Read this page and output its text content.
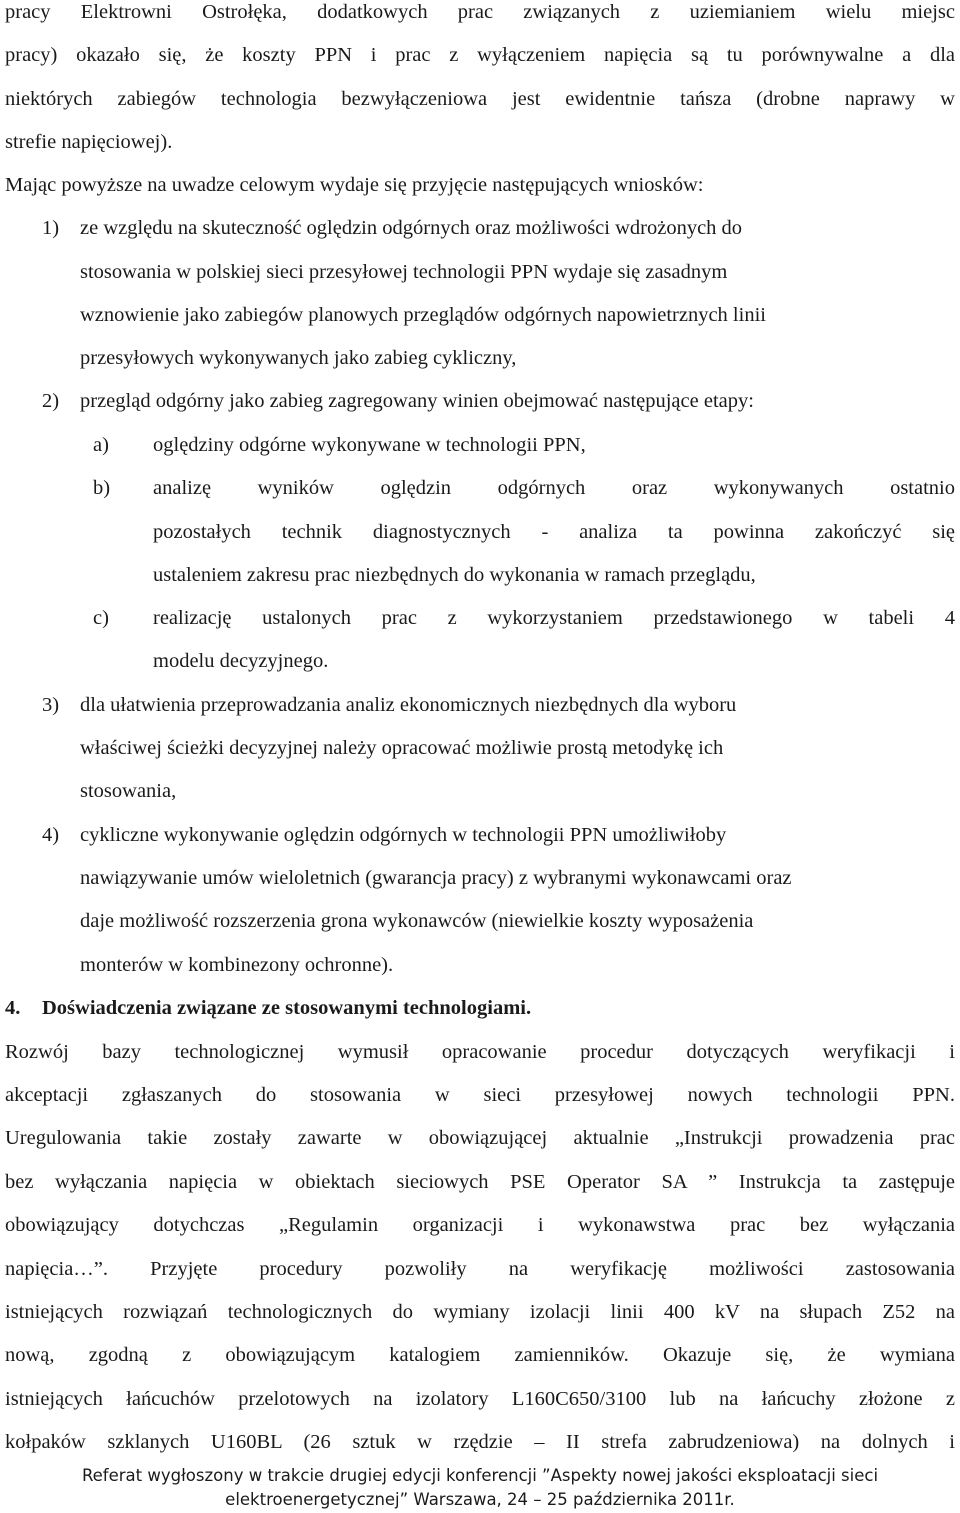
pracy Elektrowni Ostrołęka, dodatkowych prac związanych z uziemianiem wielu miejsc
pracy) okazało się, że koszty PPN i prac z wyłączeniem napięcia są tu porównywalne a dla
niektórych zabiegów technologia bezwyłączeniowa jest ewidentnie tańsza (drobne naprawy w
strefie napięciowej).
Mając powyższe na uwadze celowym wydaje się przyjęcie następujących wniosków:
1) ze względu na skuteczność oględzin odgórnych oraz możliwości wdrożonych do
stosowania w polskiej sieci przesyłowej technologii PPN wydaje się zasadnym
wznowienie jako zabiegów planowych przeglądów odgórnych napowietrznych linii
przesyłowych wykonywanych jako zabieg cykliczny,
2) przegląd odgórny jako zabieg zagregowany winien obejmować następujące etapy:
a) oględziny odgórne wykonywane w technologii PPN,
b) analizę wyników oględzin odgórnych oraz wykonywanych ostatnio
pozostałych technik diagnostycznych - analiza ta powinna zakończyć się
ustaleniem zakresu prac niezbędnych do wykonania w ramach przeglądu,
c) realizację ustalonych prac z wykorzystaniem przedstawionego w tabeli 4
modelu decyzyjnego.
3) dla ułatwienia przeprowadzania analiz ekonomicznych niezbędnych dla wyboru
właściwej ścieżki decyzyjnej należy opracować możliwie prostą metodykę ich
stosowania,
4) cykliczne wykonywanie oględzin odgórnych w technologii PPN umożliwiłoby
nawiązywanie umów wieloletnich (gwarancja pracy) z wybranymi wykonawcami oraz
daje możliwość rozszerzenia grona wykonawców (niewielkie koszty wyposażenia
monterów w kombinezony ochronne).
4. Doświadczenia związane ze stosowanymi technologiami.
Rozwój bazy technologicznej wymusił opracowanie procedur dotyczących weryfikacji i
akceptacji zgłaszanych do stosowania w sieci przesyłowej nowych technologii PPN.
Uregulowania takie zostały zawarte w obowiązującej aktualnie „Instrukcji prowadzenia prac
bez wyłączania napięcia w obiektach sieciowych PSE Operator SA ” Instrukcja ta zastępuje
obowiązujący dotychczas „Regulamin organizacji i wykonawstwa prac bez wyłączania
napięcia…”. Przyjęte procedury pozwoliły na weryfikację możliwości zastosowania
istniejących rozwiązań technologicznych do wymiany izolacji linii 400 kV na słupach Z52 na
nową, zgodną z obowiązującym katalogiem zamienników. Okazuje się, że wymiana
istniejących łańcuchów przelotowych na izolatory L160C650/3100 lub na łańcuchy złożone z
kołpaków szklanych U160BL (26 sztuk w rzędzie – II strefa zabrudzeniowa) na dolnych i
Referat wygłoszony w trakcie drugiej edycji konferencji ”Aspekty nowej jakości eksploatacji sieci
elektroenergetycznej” Warszawa, 24 – 25 października 2011r.
